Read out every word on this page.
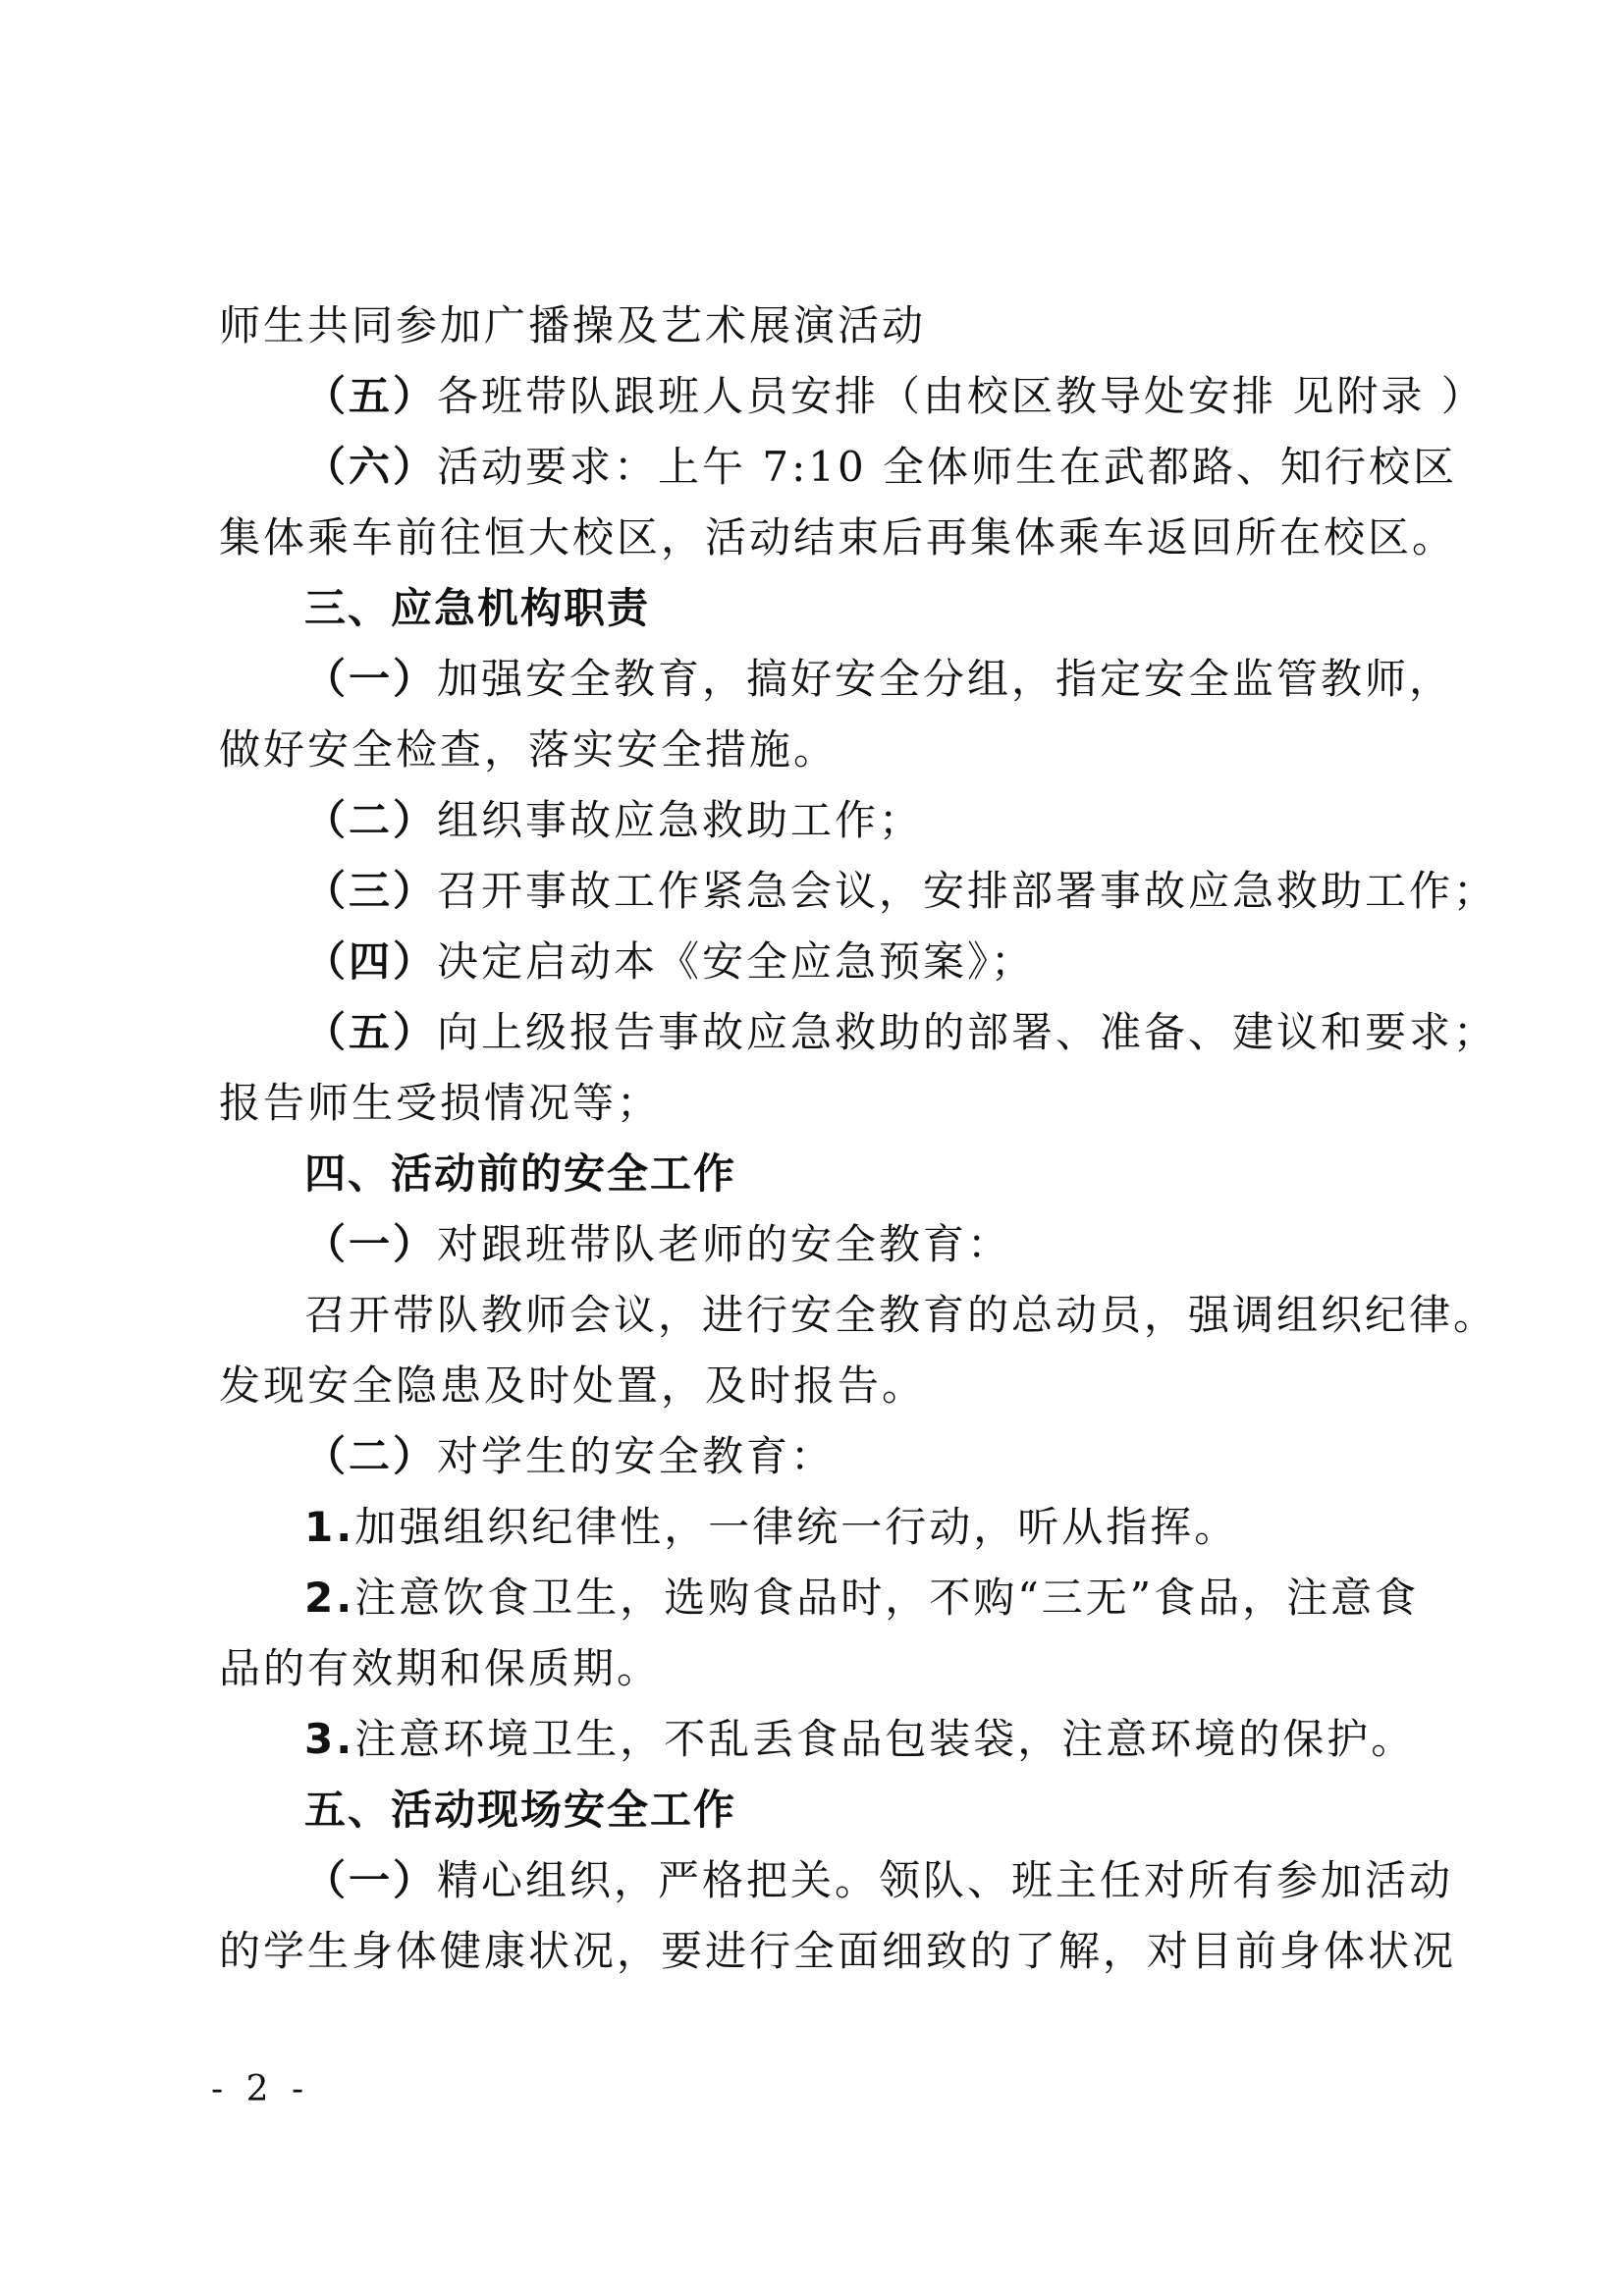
师生共同参加广播操及艺术展演活动
（五）各班带队跟班人员安排（由校区教导处安排 见附录 ）
（六）活动要求：上午 7:10 全体师生在武都路、知行校区
集体乘车前往恒大校区，活动结束后再集体乘车返回所在校区。
三、应急机构职责
（一）加强安全教育，搞好安全分组，指定安全监管教师，
做好安全检查，落实安全措施。
（二）组织事故应急救助工作；
（三）召开事故工作紧急会议，安排部署事故应急救助工作；
（四）决定启动本《安全应急预案》；
（五）向上级报告事故应急救助的部署、准备、建议和要求；
报告师生受损情况等；
四、活动前的安全工作
（一）对跟班带队老师的安全教育：
召开带队教师会议，进行安全教育的总动员，强调组织纪律。
发现安全隐患及时处置，及时报告。
（二）对学生的安全教育：
1.加强组织纪律性，一律统一行动，听从指挥。
2.注意饮食卫生，选购食品时，不购“三无”食品，注意食
品的有效期和保质期。
3.注意环境卫生，不乱丢食品包装袋，注意环境的保护。
五、活动现场安全工作
（一）精心组织，严格把关。领队、班主任对所有参加活动
的学生身体健康状况，要进行全面细致的了解，对目前身体状况
- 2 -
